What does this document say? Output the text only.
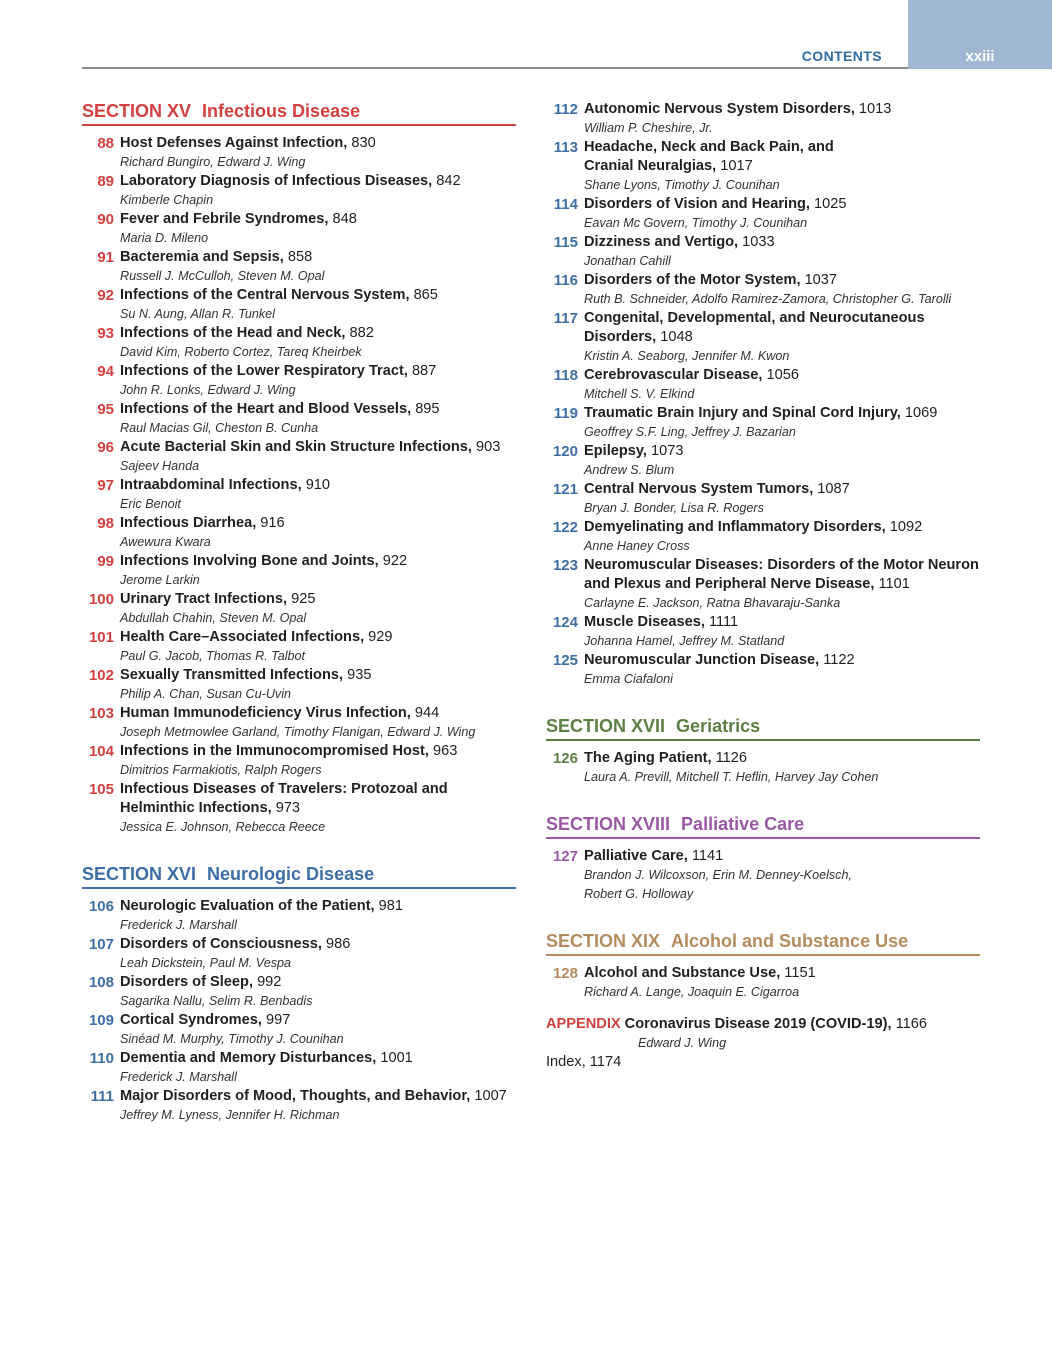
CONTENTS	xxiii
SECTION XV Infectious Disease
88 Host Defenses Against Infection, 830
Richard Bungiro, Edward J. Wing
89 Laboratory Diagnosis of Infectious Diseases, 842
Kimberle Chapin
90 Fever and Febrile Syndromes, 848
Maria D. Mileno
91 Bacteremia and Sepsis, 858
Russell J. McCulloh, Steven M. Opal
92 Infections of the Central Nervous System, 865
Su N. Aung, Allan R. Tunkel
93 Infections of the Head and Neck, 882
David Kim, Roberto Cortez, Tareq Kheirbek
94 Infections of the Lower Respiratory Tract, 887
John R. Lonks, Edward J. Wing
95 Infections of the Heart and Blood Vessels, 895
Raul Macias Gil, Cheston B. Cunha
96 Acute Bacterial Skin and Skin Structure Infections, 903
Sajeev Handa
97 Intraabdominal Infections, 910
Eric Benoit
98 Infectious Diarrhea, 916
Awewura Kwara
99 Infections Involving Bone and Joints, 922
Jerome Larkin
100 Urinary Tract Infections, 925
Abdullah Chahin, Steven M. Opal
101 Health Care–Associated Infections, 929
Paul G. Jacob, Thomas R. Talbot
102 Sexually Transmitted Infections, 935
Philip A. Chan, Susan Cu-Uvin
103 Human Immunodeficiency Virus Infection, 944
Joseph Metmowlee Garland, Timothy Flanigan, Edward J. Wing
104 Infections in the Immunocompromised Host, 963
Dimitrios Farmakiotis, Ralph Rogers
105 Infectious Diseases of Travelers: Protozoal and
Helminthic Infections, 973
Jessica E. Johnson, Rebecca Reece
SECTION XVI Neurologic Disease
106 Neurologic Evaluation of the Patient, 981
Frederick J. Marshall
107 Disorders of Consciousness, 986
Leah Dickstein, Paul M. Vespa
108 Disorders of Sleep, 992
Sagarika Nallu, Selim R. Benbadis
109 Cortical Syndromes, 997
Sinéad M. Murphy, Timothy J. Counihan
110 Dementia and Memory Disturbances, 1001
Frederick J. Marshall
111 Major Disorders of Mood, Thoughts, and Behavior, 1007
Jeffrey M. Lyness, Jennifer H. Richman
112 Autonomic Nervous System Disorders, 1013
William P. Cheshire, Jr.
113 Headache, Neck and Back Pain, and
Cranial Neuralgias, 1017
Shane Lyons, Timothy J. Counihan
114 Disorders of Vision and Hearing, 1025
Eavan Mc Govern, Timothy J. Counihan
115 Dizziness and Vertigo, 1033
Jonathan Cahill
116 Disorders of the Motor System, 1037
Ruth B. Schneider, Adolfo Ramirez-Zamora, Christopher G. Tarolli
117 Congenital, Developmental, and Neurocutaneous
Disorders, 1048
Kristin A. Seaborg, Jennifer M. Kwon
118 Cerebrovascular Disease, 1056
Mitchell S. V. Elkind
119 Traumatic Brain Injury and Spinal Cord Injury, 1069
Geoffrey S.F. Ling, Jeffrey J. Bazarian
120 Epilepsy, 1073
Andrew S. Blum
121 Central Nervous System Tumors, 1087
Bryan J. Bonder, Lisa R. Rogers
122 Demyelinating and Inflammatory Disorders, 1092
Anne Haney Cross
123 Neuromuscular Diseases: Disorders of the Motor Neuron
and Plexus and Peripheral Nerve Disease, 1101
Carlayne E. Jackson, Ratna Bhavaraju-Sanka
124 Muscle Diseases, 1111
Johanna Hamel, Jeffrey M. Statland
125 Neuromuscular Junction Disease, 1122
Emma Ciafaloni
SECTION XVII Geriatrics
126 The Aging Patient, 1126
Laura A. Previll, Mitchell T. Heflin, Harvey Jay Cohen
SECTION XVIII Palliative Care
127 Palliative Care, 1141
Brandon J. Wilcoxson, Erin M. Denney-Koelsch,
Robert G. Holloway
SECTION XIX Alcohol and Substance Use
128 Alcohol and Substance Use, 1151
Richard A. Lange, Joaquin E. Cigarroa
APPENDIX Coronavirus Disease 2019 (COVID-19), 1166
Edward J. Wing
Index, 1174
